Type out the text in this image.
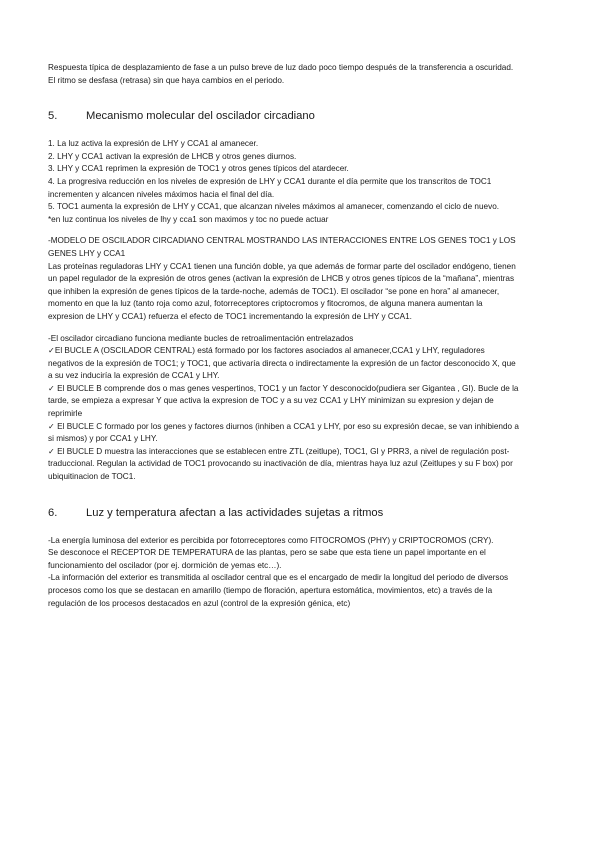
Respuesta típica de desplazamiento de fase a un pulso breve de luz dado poco tiempo después de la transferencia a oscuridad. El ritmo se desfasa (retrasa) sin que haya cambios en el periodo.

5.	Mecanismo molecular del oscilador circadiano

1. La luz activa la expresión de LHY y CCA1 al amanecer.

2. LHY y CCA1 activan la expresión de LHCB y otros genes diurnos.

3. LHY y CCA1 reprimen la expresión de TOC1 y otros genes típicos del atardecer.

4. La progresiva reducción en los niveles de expresión de LHY y CCA1 durante el día permite que los transcritos de TOC1 incrementen y alcancen niveles máximos hacia el final del día.

5. TOC1 aumenta la expresión de LHY y CCA1, que alcanzan niveles máximos al amanecer, comenzando el ciclo de nuevo.

*en luz continua los niveles de lhy y cca1 son maximos y toc no puede actuar

-MODELO DE OSCILADOR CIRCADIANO CENTRAL MOSTRANDO LAS INTERACCIONES ENTRE LOS GENES TOC1 y LOS GENES LHY y CCA1

Las proteínas reguladoras LHY y CCA1 tienen una función doble, ya que además de formar parte del oscilador endógeno, tienen un papel regulador de la expresión de otros genes (activan la expresión de LHCB y otros genes típicos de la “mañana”, mientras que inhiben la expresión de genes típicos de la tarde-noche, además de TOC1). El oscilador “se pone en hora” al amanecer, momento en que la luz (tanto roja como azul, fotorreceptores criptocromos y fitocromos, de alguna manera aumentan la expresion de LHY y CCA1) refuerza el efecto de TOC1 incrementando la expresión de LHY y CCA1.

-El oscilador circadiano funciona mediante bucles de retroalimentación entrelazados

✓El BUCLE A (OSCILADOR CENTRAL) está formado por los factores asociados al amanecer,CCA1 y LHY, reguladores negativos de la expresión de TOC1; y TOC1, que activaría directa o indirectamente la expresión de un factor desconocido X, que a su vez induciría la expresión de CCA1 y LHY.

✓ El BUCLE B comprende dos o mas genes vespertinos, TOC1 y un factor Y desconocido(pudiera ser Gigantea , GI). Bucle de la tarde, se empieza a expresar Y que activa la expresion de TOC y a su vez CCA1 y LHY minimizan su expresion y dejan de reprimirle

✓ El BUCLE C formado por los genes y factores diurnos (inhiben a CCA1 y LHY, por eso su expresión decae, se van inhibiendo a si mismos) y por CCA1 y LHY.

✓ El BUCLE D muestra las interacciones que se establecen entre ZTL (zeitlupe), TOC1, GI y PRR3, a nivel de regulación post-traduccional. Regulan la actividad de TOC1 provocando su inactivación de día, mientras haya luz azul (Zeitlupes y su F box) por ubiquitinacion de TOC1.

6.	Luz y temperatura afectan a las actividades sujetas a ritmos

-La energía luminosa del exterior es percibida por fotorreceptores como FITOCROMOS (PHY) y CRIPTOCROMOS (CRY).

Se desconoce el RECEPTOR DE TEMPERATURA de las plantas, pero se sabe que esta tiene un papel importante en el funcionamiento del oscilador (por ej. dormición de yemas etc…).

-La información del exterior es transmitida al oscilador central que es el encargado de medir la longitud del periodo de diversos procesos como los que se destacan en amarillo (tiempo de floración, apertura estomática, movimientos, etc) a través de la regulación de los procesos destacados en azul (control de la expresión génica, etc)
